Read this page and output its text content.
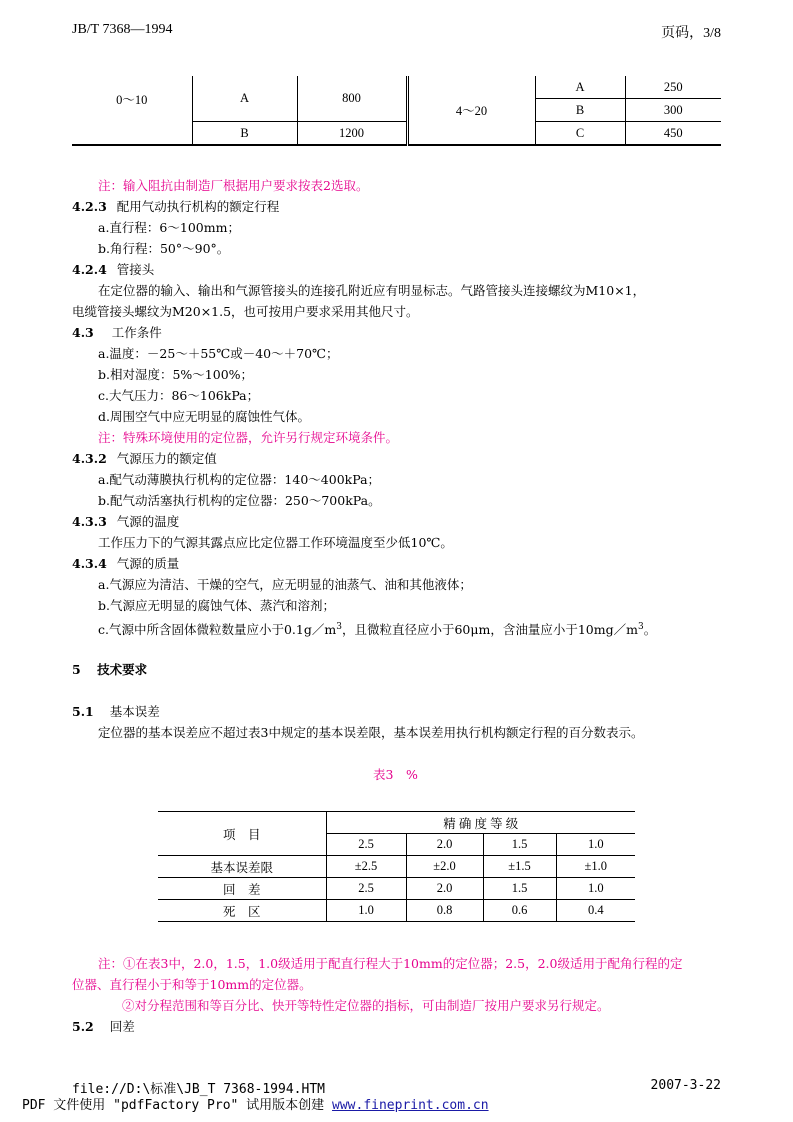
JB/T 7368—1994	页码，3/8
0～10	A	800	4～20	A	250
				B	300
	B	1200		C	450
注：输入阻抗由制造厂根据用户要求按表2选取。
4.2.3 配用气动执行机构的额定行程
a.直行程：6～100mm；
b.角行程：50°～90°。
4.2.4 管接头
在定位器的输入、输出和气源管接头的连接孔附近应有明显标志。气路管接头连接螺纹为M10×1，
电缆管接头螺纹为M20×1.5，也可按用户要求采用其他尺寸。
4.3 工作条件
a.温度：－25～＋55℃或－40～＋70℃；
b.相对湿度：5%～100%；
c.大气压力：86～106kPa；
d.周围空气中应无明显的腐蚀性气体。
注：特殊环境使用的定位器，允许另行规定环境条件。
4.3.2 气源压力的额定值
a.配气动薄膜执行机构的定位器：140～400kPa；
b.配气动活塞执行机构的定位器：250～700kPa。
4.3.3 气源的温度
工作压力下的气源其露点应比定位器工作环境温度至少低10℃。
4.3.4 气源的质量
a.气源应为清洁、干燥的空气，应无明显的油蒸气、油和其他液体；
b.气源应无明显的腐蚀气体、蒸汽和溶剂；
c.气源中所含固体微粒数量应小于$0.1g/m^3$，且微粒直径应小于60μm，含油量应小于$10mg/m^3$。
5 技术要求
5.1 基本误差
定位器的基本误差应不超过表3中规定的基本误差限，基本误差用执行机构额定行程的百分数表示。
表3　%
项　目	精 确 度 等 级			
	2.5	2.0	1.5	1.0
基本误差限	±2.5	±2.0	±1.5	±1.0
回　差	2.5	2.0	1.5	1.0
死　区	1.0	0.8	0.6	0.4
注：①在表3中，2.0，1.5，1.0级适用于配直行程大于10mm的定位器；2.5，2.0级适用于配角行程的定
位器、直行程小于和等于10mm的定位器。
②对分程范围和等百分比、快开等特性定位器的指标，可由制造厂按用户要求另行规定。
5.2 回差
file://D:\标准\JB_T 7368-1994.HTM	2007-3-22
PDF 文件使用 "pdfFactory Pro" 试用版本创建 www.fineprint.com.cn
